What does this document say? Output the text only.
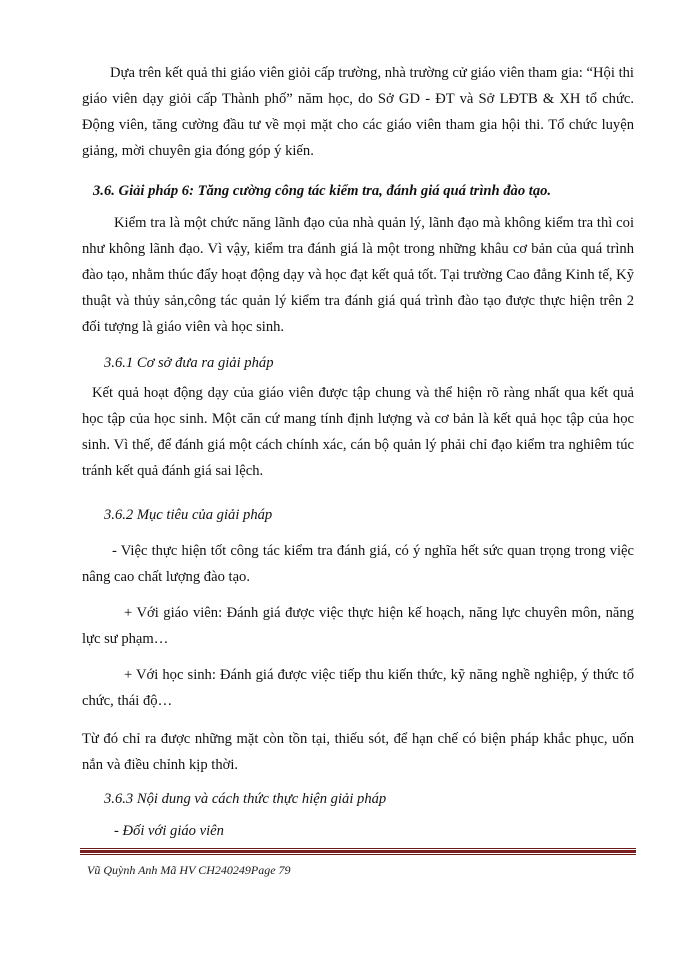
Dựa trên kết quả thi giáo viên giỏi cấp trường, nhà trường cử giáo viên tham gia: “Hội thi giáo viên dạy giỏi cấp Thành phố” năm học, do Sở GD - ĐT và Sở LĐTB & XH tổ chức. Động viên, tăng cường đầu tư về mọi mặt cho các giáo viên tham gia hội thi. Tổ chức luyện giảng, mời chuyên gia đóng góp ý kiến.
3.6. Giải pháp 6: Tăng cường công tác kiểm tra, đánh giá quá trình đào tạo.
Kiểm tra là một chức năng lãnh đạo của nhà quản lý, lãnh đạo mà không kiểm tra thì coi như không lãnh đạo. Vì vậy, kiểm tra đánh giá là một trong những khâu cơ bản của quá trình đào tạo, nhằm thúc đẩy hoạt động dạy và học đạt kết quả tốt. Tại trường Cao đẳng Kinh tế, Kỹ thuật và thủy sản,công tác quản lý kiểm tra đánh giá quá trình đào tạo được thực hiện trên 2 đối tượng là giáo viên và học sinh.
3.6.1 Cơ sở đưa ra giải pháp
Kết quả hoạt động dạy của giáo viên được tập chung và thể hiện rõ ràng nhất qua kết quả học tập của học sinh. Một căn cứ mang tính định lượng và cơ bản là kết quả học tập của học sinh. Vì thế, để đánh giá một cách chính xác, cán bộ quản lý phải chỉ đạo kiểm tra nghiêm túc tránh kết quả đánh giá sai lệch.
3.6.2 Mục tiêu của giải pháp
- Việc thực hiện tốt công tác kiểm tra đánh giá, có ý nghĩa hết sức quan trọng trong việc nâng cao chất lượng đào tạo.
+ Với giáo viên: Đánh giá được việc thực hiện kế hoạch, năng lực chuyên môn, năng lực sư phạm…
+ Với học sinh: Đánh giá được việc tiếp thu kiến thức, kỹ năng nghề nghiệp, ý thức tổ chức, thái độ…
Từ đó chỉ ra được những mặt còn tồn tại, thiếu sót, để hạn chế có biện pháp khắc phục, uốn nắn và điều chỉnh kịp thời.
3.6.3 Nội dung và cách thức thực hiện giải pháp
- Đối với giáo viên
Vũ Quỳnh Anh Mã HV CH240249Page 79
